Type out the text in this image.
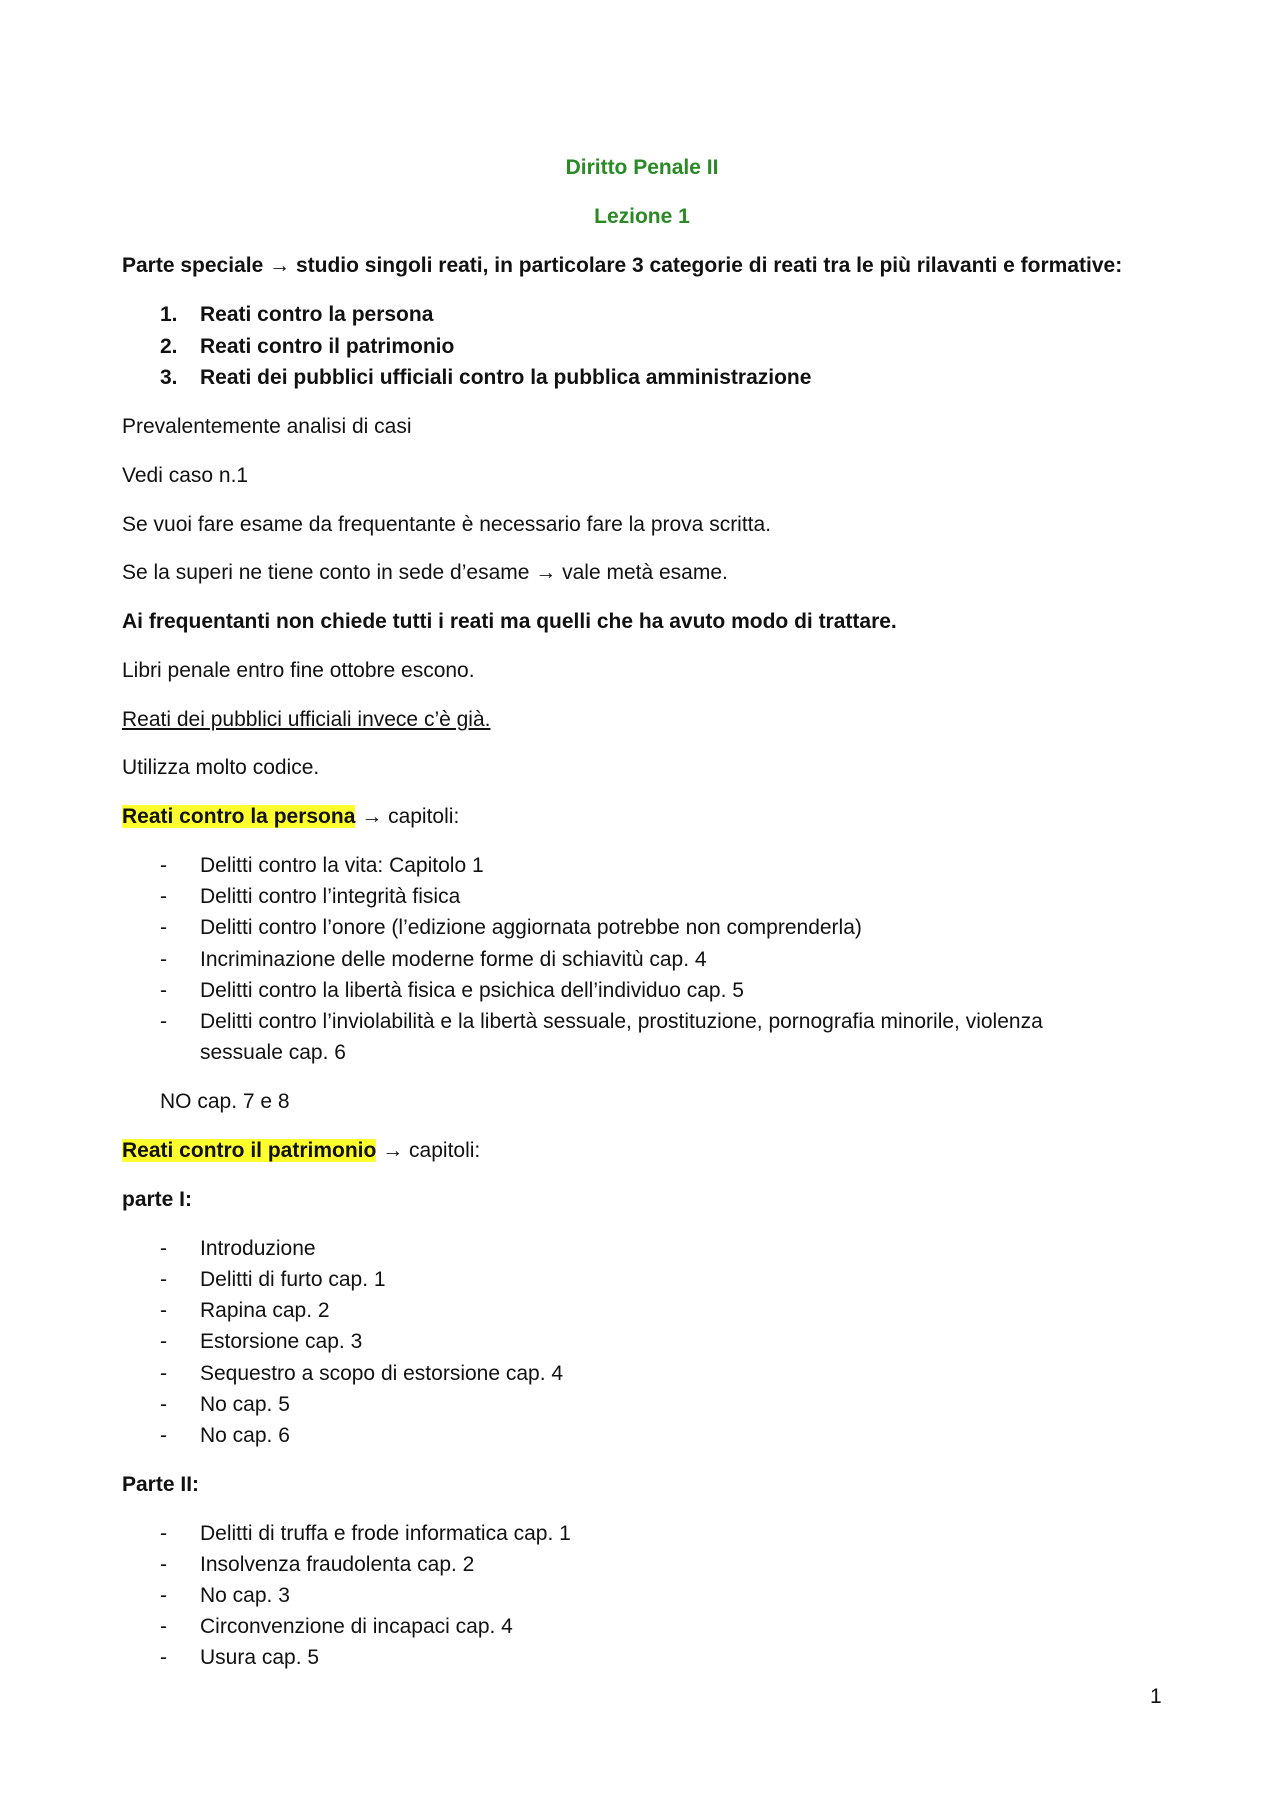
Diritto Penale II
Lezione 1
Parte speciale → studio singoli reati, in particolare 3 categorie di reati tra le più rilavanti e formative:
1. Reati contro la persona
2. Reati contro il patrimonio
3. Reati dei pubblici ufficiali contro la pubblica amministrazione
Prevalentemente analisi di casi
Vedi caso n.1
Se vuoi fare esame da frequentante è necessario fare la prova scritta.
Se la superi ne tiene conto in sede d’esame → vale metà esame.
Ai frequentanti non chiede tutti i reati ma quelli che ha avuto modo di trattare.
Libri penale entro fine ottobre escono.
Reati dei pubblici ufficiali invece c’è già.
Utilizza molto codice.
Reati contro la persona → capitoli:
- Delitti contro la vita: Capitolo 1
- Delitti contro l’integrità fisica
- Delitti contro l’onore (l’edizione aggiornata potrebbe non comprenderla)
- Incriminazione delle moderne forme di schiavitù cap. 4
- Delitti contro la libertà fisica e psichica dell’individuo cap. 5
- Delitti contro l’inviolabilità e la libertà sessuale, prostituzione, pornografia minorile, violenza
sessuale cap. 6
NO cap. 7 e 8
Reati contro il patrimonio → capitoli:
parte I:
- Introduzione
- Delitti di furto cap. 1
- Rapina cap. 2
- Estorsione cap. 3
- Sequestro a scopo di estorsione cap. 4
- No cap. 5
- No cap. 6
Parte II:
- Delitti di truffa e frode informatica cap. 1
- Insolvenza fraudolenta cap. 2
- No cap. 3
- Circonvenzione di incapaci cap. 4
- Usura cap. 5
1
